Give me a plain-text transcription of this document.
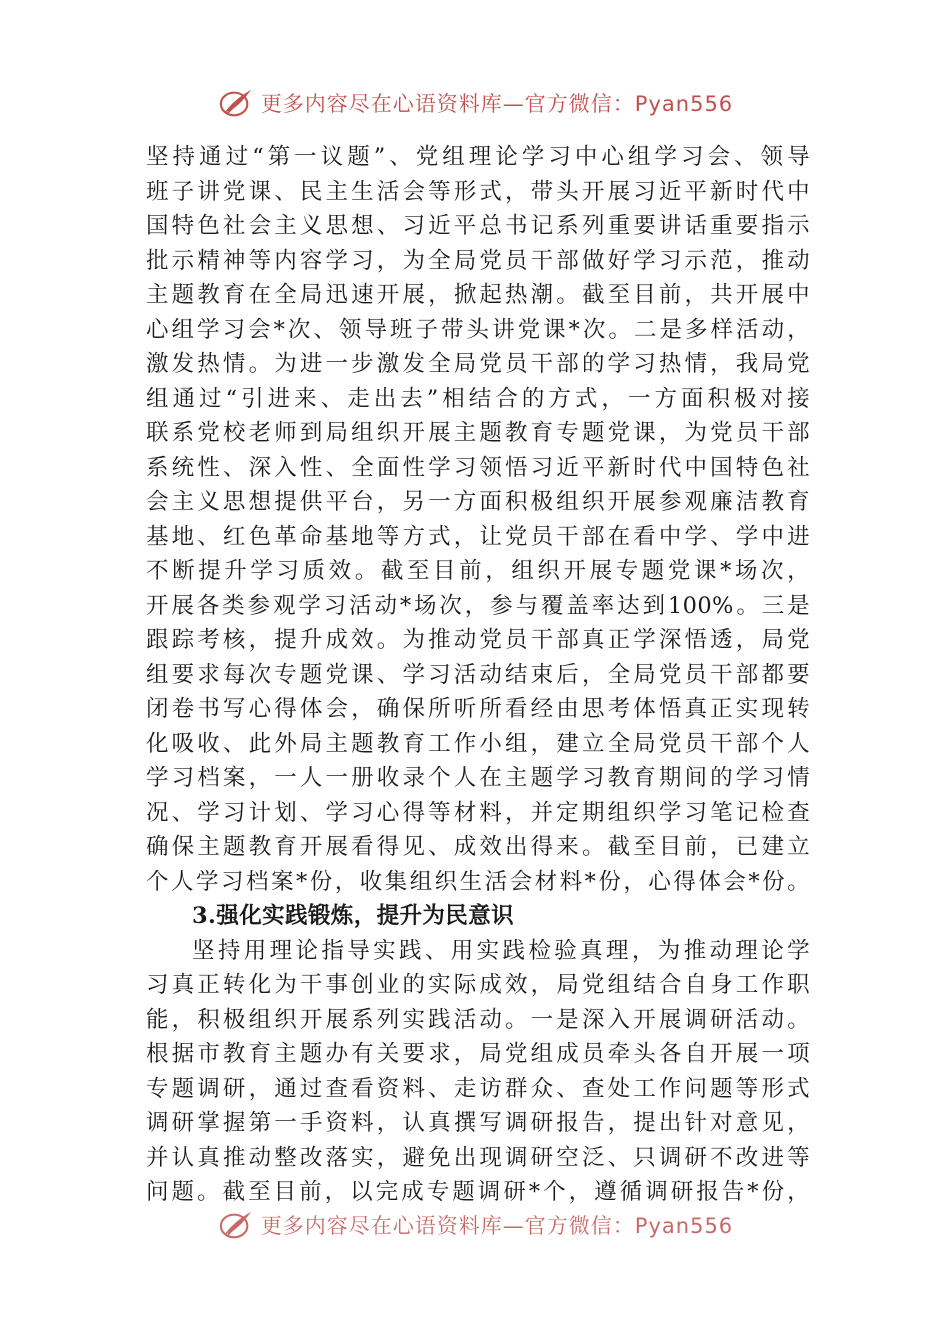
更多内容尽在心语资料库—官方微信：Pyan556
坚持通过“第一议题”、党组理论学习中心组学习会、领导
班子讲党课、民主生活会等形式，带头开展习近平新时代中
国特色社会主义思想、习近平总书记系列重要讲话重要指示
批示精神等内容学习，为全局党员干部做好学习示范，推动
主题教育在全局迅速开展，掀起热潮。截至目前，共开展中
心组学习会*次、领导班子带头讲党课*次。二是多样活动，
激发热情。为进一步激发全局党员干部的学习热情，我局党
组通过“引进来、走出去”相结合的方式，一方面积极对接
联系党校老师到局组织开展主题教育专题党课，为党员干部
系统性、深入性、全面性学习领悟习近平新时代中国特色社
会主义思想提供平台，另一方面积极组织开展参观廉洁教育
基地、红色革命基地等方式，让党员干部在看中学、学中进
不断提升学习质效。截至目前，组织开展专题党课*场次，
开展各类参观学习活动*场次，参与覆盖率达到100%。三是
跟踪考核，提升成效。为推动党员干部真正学深悟透，局党
组要求每次专题党课、学习活动结束后，全局党员干部都要
闭卷书写心得体会，确保所听所看经由思考体悟真正实现转
化吸收、此外局主题教育工作小组，建立全局党员干部个人
学习档案，一人一册收录个人在主题学习教育期间的学习情
况、学习计划、学习心得等材料，并定期组织学习笔记检查
确保主题教育开展看得见、成效出得来。截至目前，已建立
个人学习档案*份，收集组织生活会材料*份，心得体会*份。
3.强化实践锻炼，提升为民意识
坚持用理论指导实践、用实践检验真理，为推动理论学
习真正转化为干事创业的实际成效，局党组结合自身工作职
能，积极组织开展系列实践活动。一是深入开展调研活动。
根据市教育主题办有关要求，局党组成员牵头各自开展一项
专题调研，通过查看资料、走访群众、查处工作问题等形式
调研掌握第一手资料，认真撰写调研报告，提出针对意见，
并认真推动整改落实，避免出现调研空泛、只调研不改进等
问题。截至目前，以完成专题调研*个，遵循调研报告*份，
更多内容尽在心语资料库—官方微信：Pyan556
